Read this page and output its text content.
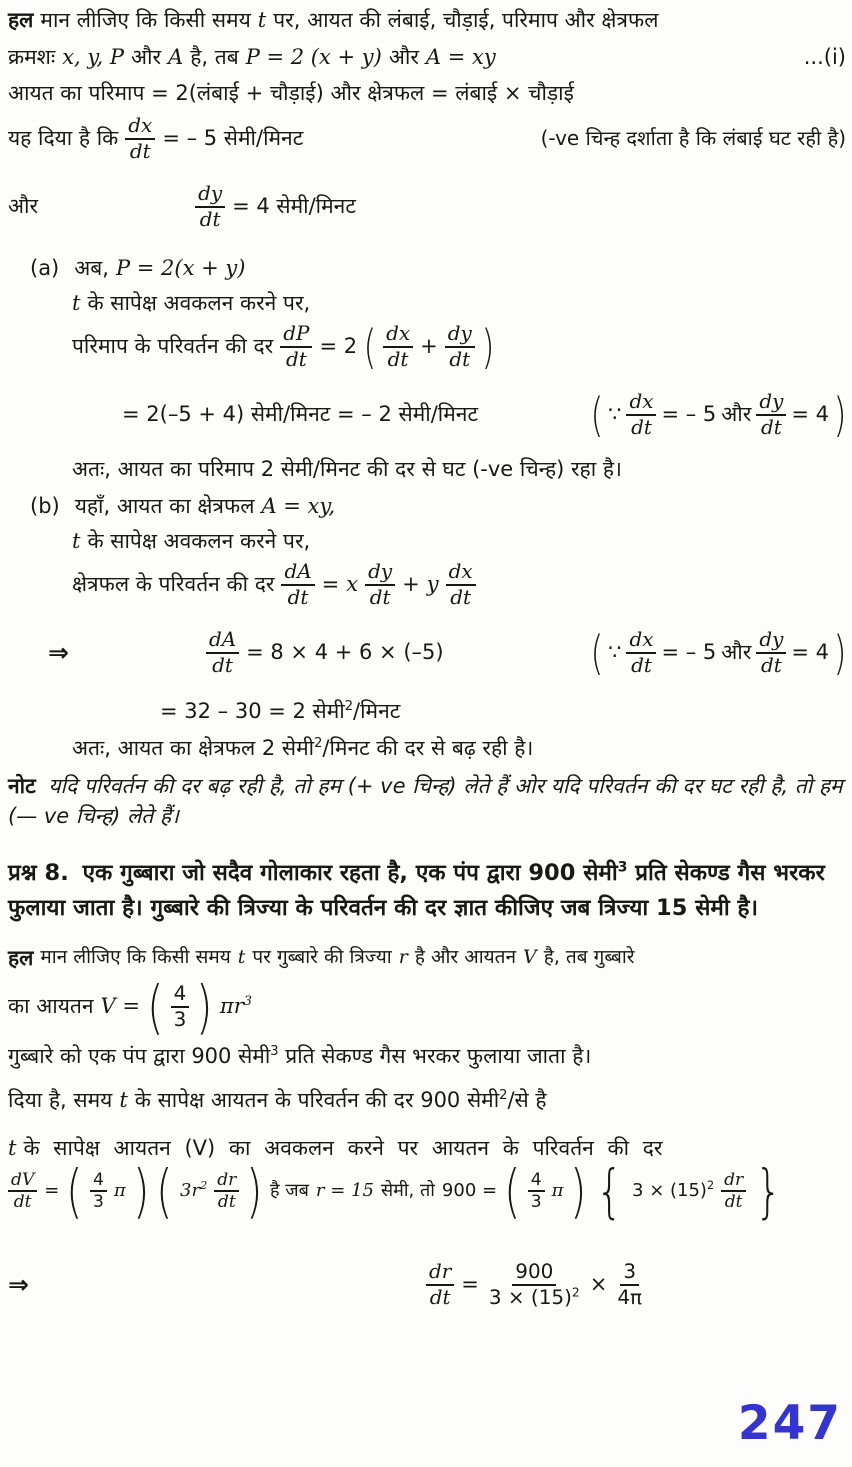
हल मान लीजिए कि किसी समय t पर, आयत की लंबाई, चौड़ाई, परिमाप और क्षेत्रफल
क्रमशः x, y, P और A है, तब P = 2 (x + y) और A = xy	...(i)
आयत का परिमाप = 2(लंबाई + चौड़ाई) और क्षेत्रफल = लंबाई × चौड़ाई
यह दिया है कि $\frac{dx}{dt}$ = – 5 सेमी/मिनट	(-ve चिन्ह दर्शाता है कि लंबाई घट रही है)
और	$\frac{dy}{dt} = 4$ सेमी/मिनट
(a) अब, P = 2(x + y)
t के सापेक्ष अवकलन करने पर,
परिमाप के परिवर्तन की दर $\frac{dP}{dt} = 2$ ( $\frac{dx}{dt} + \frac{dy}{dt}$ )
= 2(–5 + 4) सेमी/मिनट = – 2 सेमी/मिनट ( ∵ $\frac{dx}{dt}$ = – 5 और $\frac{dy}{dt} = 4$ )
अतः, आयत का परिमाप 2 सेमी/मिनट की दर से घट (-ve चिन्ह) रहा है।
(b) यहाँ, आयत का क्षेत्रफल A = xy,
t के सापेक्ष अवकलन करने पर,
क्षेत्रफल के परिवर्तन की दर $\frac{dA}{dt} = x \frac{dy}{dt} + y \frac{dx}{dt}$
⇒	$\frac{dA}{dt} = 8 \times 4 + 6 \times (-5)$	( ∵ $\frac{dx}{dt}$ = – 5 और $\frac{dy}{dt} = 4$ )
= 32 – 30 = 2 सेमी$^2$/मिनट
अतः, आयत का क्षेत्रफल 2 सेमी$^2$/मिनट की दर से बढ़ रही है।
नोट यदि परिवर्तन की दर बढ़ रही है, तो हम (+ ve चिन्ह) लेते हैं ओर यदि परिवर्तन की दर घट रही है, तो हम (— ve चिन्ह) लेते हैं।
प्रश्न 8. एक गुब्बारा जो सदैव गोलाकार रहता है, एक पंप द्वारा 900 सेमी$^3$ प्रति सेकण्ड गैस भरकर फुलाया जाता है। गुब्बारे की त्रिज्या के परिवर्तन की दर ज्ञात कीजिए जब त्रिज्या 15 सेमी है।
हल मान लीजिए कि किसी समय t पर गुब्बारे की त्रिज्या r है और आयतन V है, तब गुब्बारे
का आयतन V = ( $\frac{4}{3}$ ) $\pi r^3$
गुब्बारे को एक पंप द्वारा 900 सेमी$^3$ प्रति सेकण्ड गैस भरकर फुलाया जाता है।
दिया है, समय t के सापेक्ष आयतन के परिवर्तन की दर 900 सेमी$^2$/से है
t के सापेक्ष आयतन (V) का अवकलन करने पर आयतन के परिवर्तन की दर
$\frac{dV}{dt}$ = ( $\frac{4}{3}$ π ) ( $3r^2 \frac{dr}{dt}$ ) है जब r = 15 सेमी, तो 900 = ( $\frac{4}{3}$ π ) { $3 \times (15)^2 \frac{dr}{dt}$ }
⇒	$\frac{dr}{dt} = \frac{900}{3 \times (15)^2} \times \frac{3}{4\pi}$
247
